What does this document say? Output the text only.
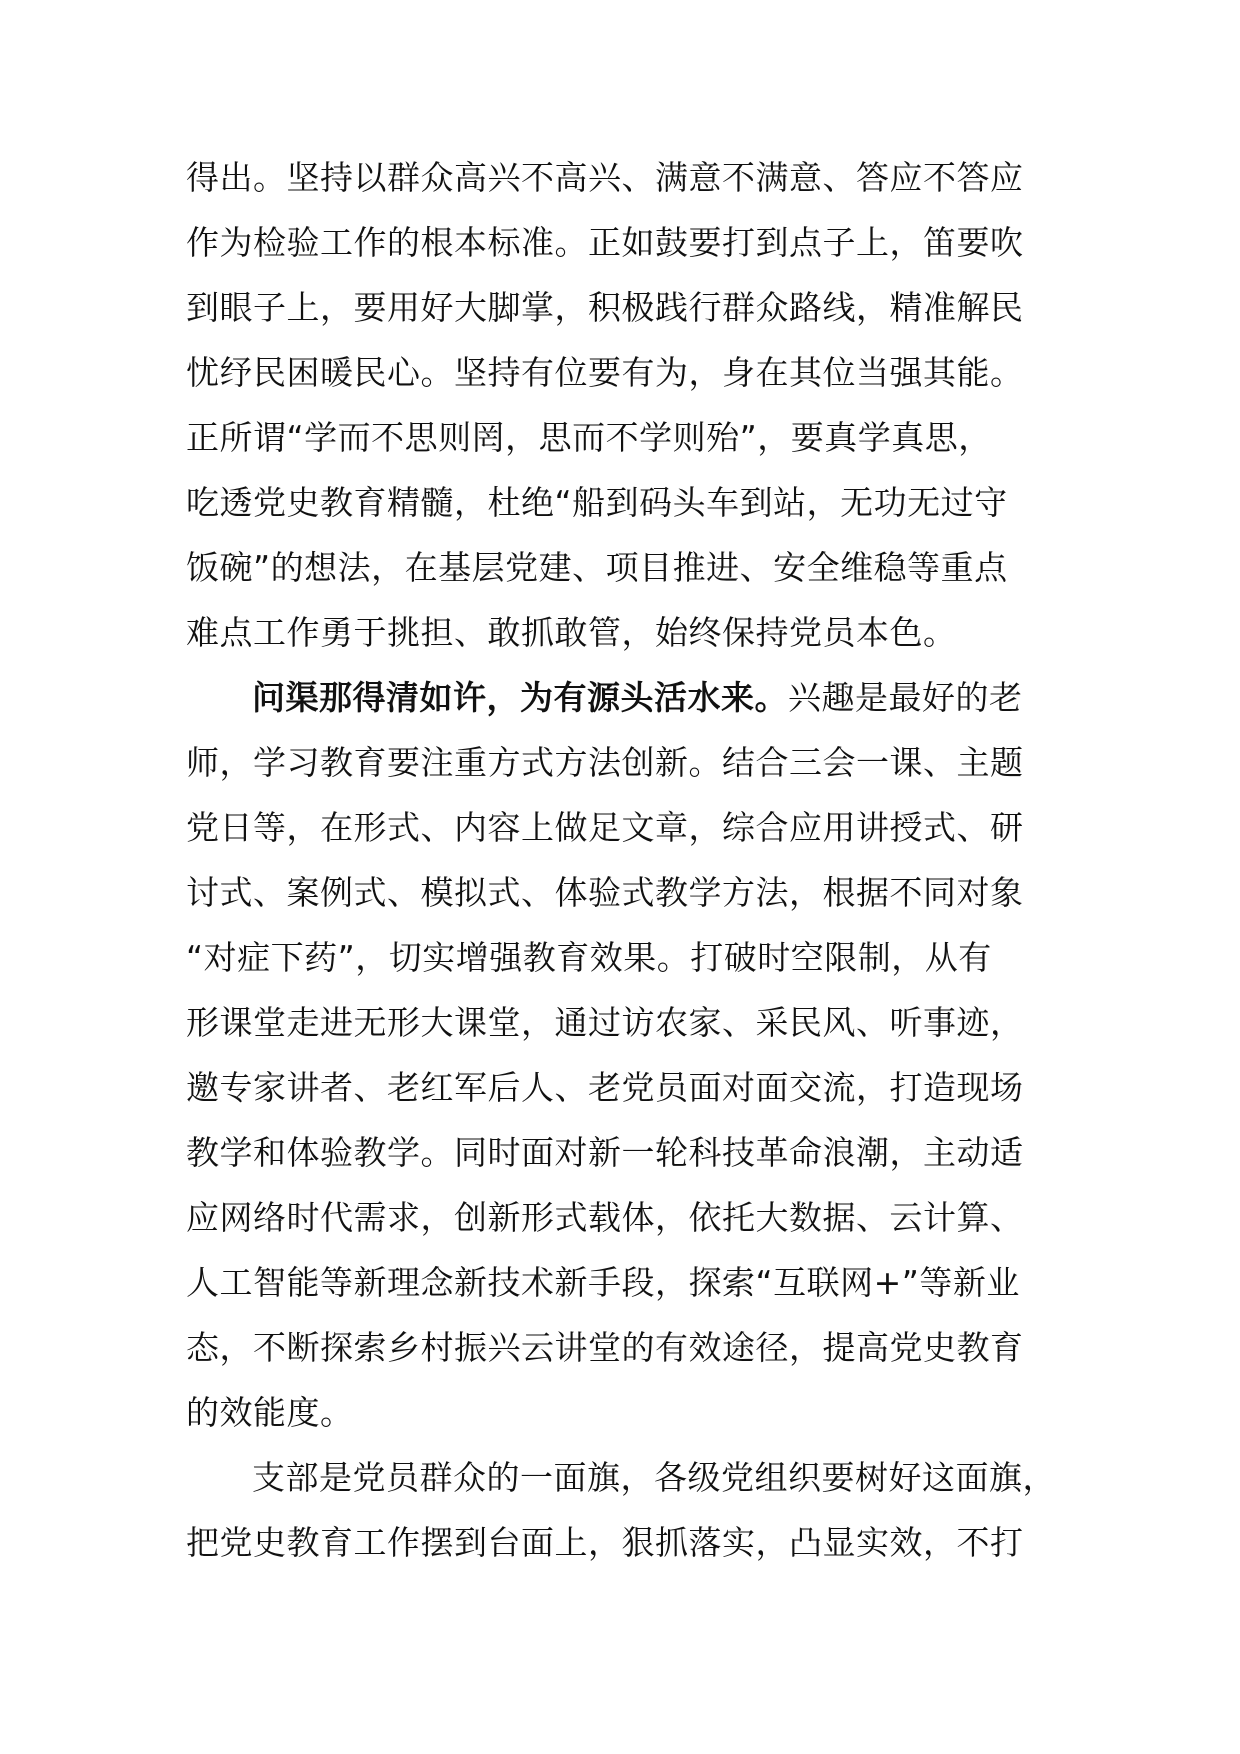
得出。坚持以群众高兴不高兴、满意不满意、答应不答应
作为检验工作的根本标准。正如鼓要打到点子上，笛要吹
到眼子上，要用好大脚掌，积极践行群众路线，精准解民
忧纾民困暖民心。坚持有位要有为，身在其位当强其能。
正所谓“学而不思则罔，思而不学则殆”，要真学真思，
吃透党史教育精髓，杜绝“船到码头车到站，无功无过守
饭碗”的想法，在基层党建、项目推进、安全维稳等重点
难点工作勇于挑担、敢抓敢管，始终保持党员本色。
问渠那得清如许，为有源头活水来。兴趣是最好的老
师，学习教育要注重方式方法创新。结合三会一课、主题
党日等，在形式、内容上做足文章，综合应用讲授式、研
讨式、案例式、模拟式、体验式教学方法，根据不同对象
“对症下药”，切实增强教育效果。打破时空限制，从有
形课堂走进无形大课堂，通过访农家、采民风、听事迹，
邀专家讲者、老红军后人、老党员面对面交流，打造现场
教学和体验教学。同时面对新一轮科技革命浪潮，主动适
应网络时代需求，创新形式载体，依托大数据、云计算、
人工智能等新理念新技术新手段，探索“互联网+”等新业
态，不断探索乡村振兴云讲堂的有效途径，提高党史教育
的效能度。
支部是党员群众的一面旗，各级党组织要树好这面旗，
把党史教育工作摆到台面上，狠抓落实，凸显实效，不打
